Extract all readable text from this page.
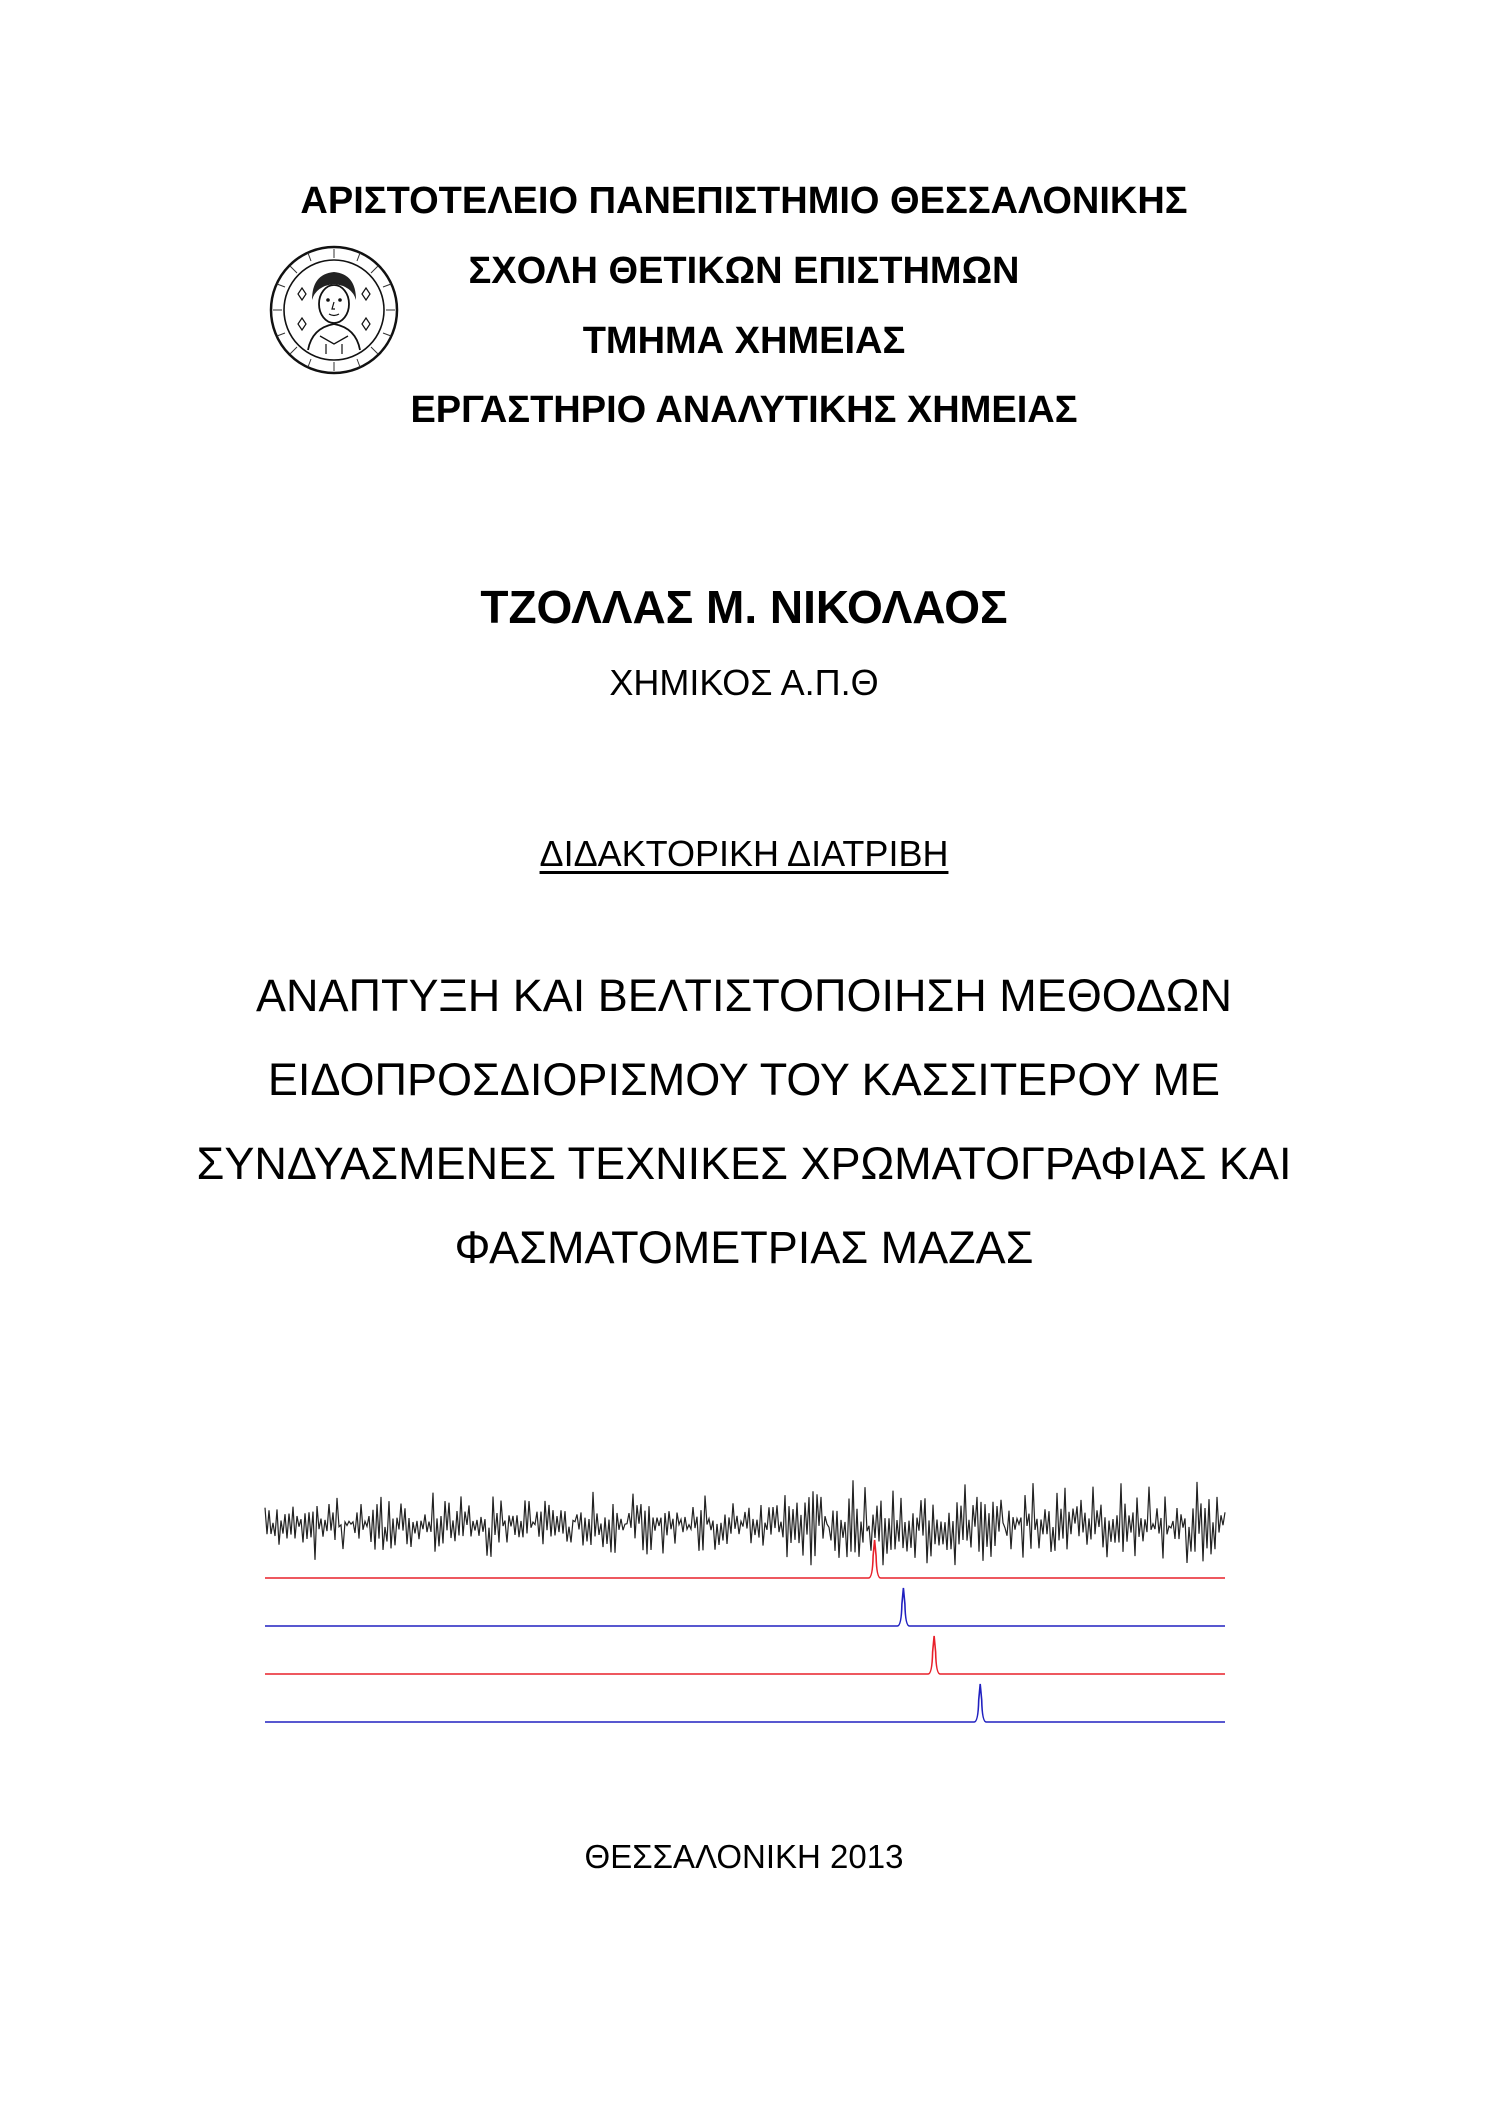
ΑΡΙΣΤΟΤΕΛΕΙΟ ΠΑΝΕΠΙΣΤΗΜΙΟ ΘΕΣΣΑΛΟΝΙΚΗΣ
ΣΧΟΛΗ ΘΕΤΙΚΩΝ ΕΠΙΣΤΗΜΩΝ
ΤΜΗΜΑ ΧΗΜΕΙΑΣ
ΕΡΓΑΣΤΗΡΙΟ ΑΝΑΛΥΤΙΚΗΣ ΧΗΜΕΙΑΣ
ΤΖΟΛΛΑΣ Μ. ΝΙΚΟΛΑΟΣ
ΧΗΜΙΚΟΣ Α.Π.Θ
ΔΙΔΑΚΤΟΡΙΚΗ ΔΙΑΤΡΙΒΗ
ΑΝΑΠΤΥΞΗ ΚΑΙ ΒΕΛΤΙΣΤΟΠΟΙΗΣΗ ΜΕΘΟΔΩΝ
ΕΙΔΟΠΡΟΣΔΙΟΡΙΣΜΟΥ ΤΟΥ ΚΑΣΣΙΤΕΡΟΥ ΜΕ
ΣΥΝΔΥΑΣΜΕΝΕΣ ΤΕΧΝΙΚΕΣ ΧΡΩΜΑΤΟΓΡΑΦΙΑΣ ΚΑΙ
ΦΑΣΜΑΤΟΜΕΤΡΙΑΣ ΜΑΖΑΣ
ΘΕΣΣΑΛΟΝΙΚΗ 2013
